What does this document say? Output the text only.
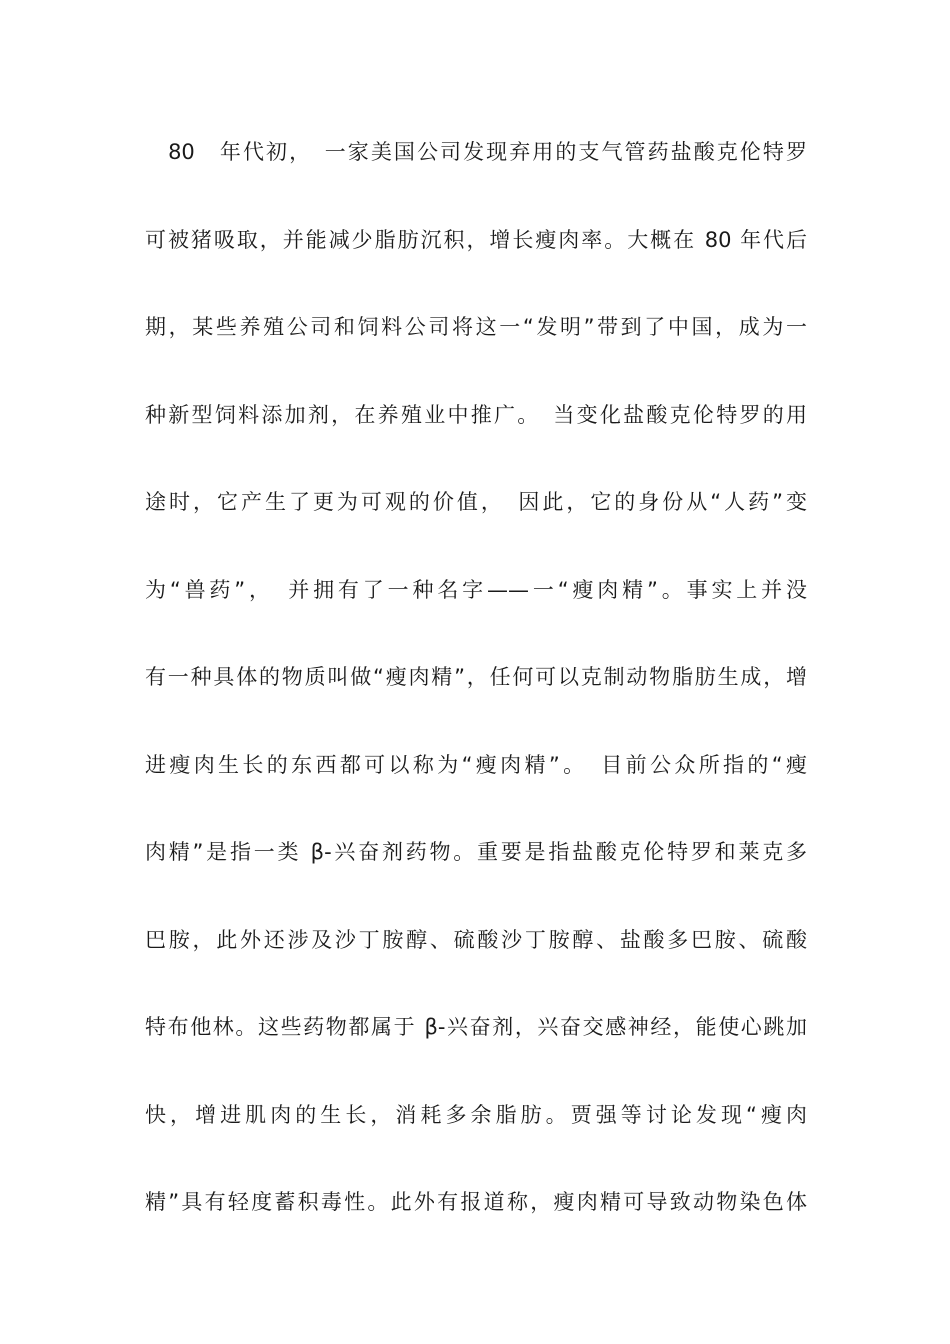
　80　年代初，　一家美国公司发现弃用的支气管药盐酸克伦特罗
可被猪吸取，并能减少脂肪沉积，增长瘦肉率。大概在 80 年代后
期，某些养殖公司和饲料公司将这一“发明”带到了中国，成为一
种新型饲料添加剂，在养殖业中推广。　当变化盐酸克伦特罗的用
途时，它产生了更为可观的价值，　因此，它的身份从“人药”变
为“兽药”，　并拥有了一种名字——一“瘦肉精”。事实上并没
有一种具体的物质叫做“瘦肉精”，任何可以克制动物脂肪生成，增
进瘦肉生长的东西都可以称为“瘦肉精”。　目前公众所指的“瘦
肉精”是指一类 β-兴奋剂药物。重要是指盐酸克伦特罗和莱克多
巴胺，此外还涉及沙丁胺醇、硫酸沙丁胺醇、盐酸多巴胺、硫酸
特布他林。这些药物都属于 β-兴奋剂，兴奋交感神经，能使心跳加
快，增进肌肉的生长，消耗多余脂肪。贾强等讨论发现“瘦肉
精”具有轻度蓄积毒性。此外有报道称，瘦肉精可导致动物染色体
